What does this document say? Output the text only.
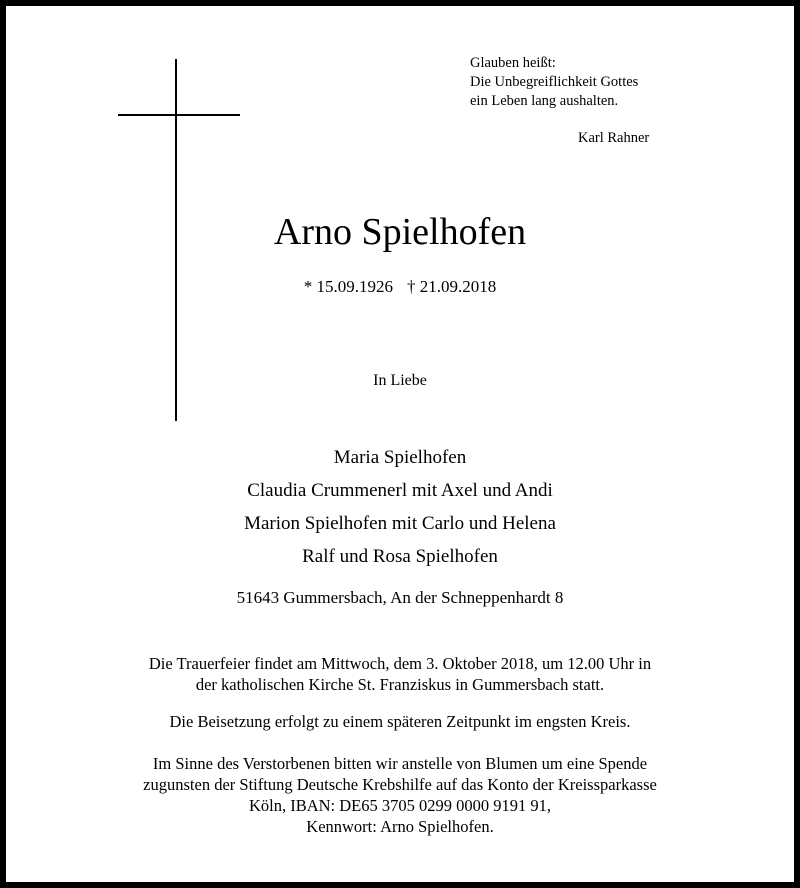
Glauben heißt:
Die Unbegreiflichkeit Gottes
ein Leben lang aushalten.
Karl Rahner
Arno Spielhofen
* 15.09.1926 † 21.09.2018
In Liebe
Maria Spielhofen
Claudia Crummenerl mit Axel und Andi
Marion Spielhofen mit Carlo und Helena
Ralf und Rosa Spielhofen
51643 Gummersbach, An der Schneppenhardt 8
Die Trauerfeier findet am Mittwoch, dem 3. Oktober 2018, um 12.00 Uhr in
der katholischen Kirche St. Franziskus in Gummersbach statt.
Die Beisetzung erfolgt zu einem späteren Zeitpunkt im engsten Kreis.
Im Sinne des Verstorbenen bitten wir anstelle von Blumen um eine Spende
zugunsten der Stiftung Deutsche Krebshilfe auf das Konto der Kreissparkasse
Köln, IBAN: DE65 3705 0299 0000 9191 91,
Kennwort: Arno Spielhofen.
